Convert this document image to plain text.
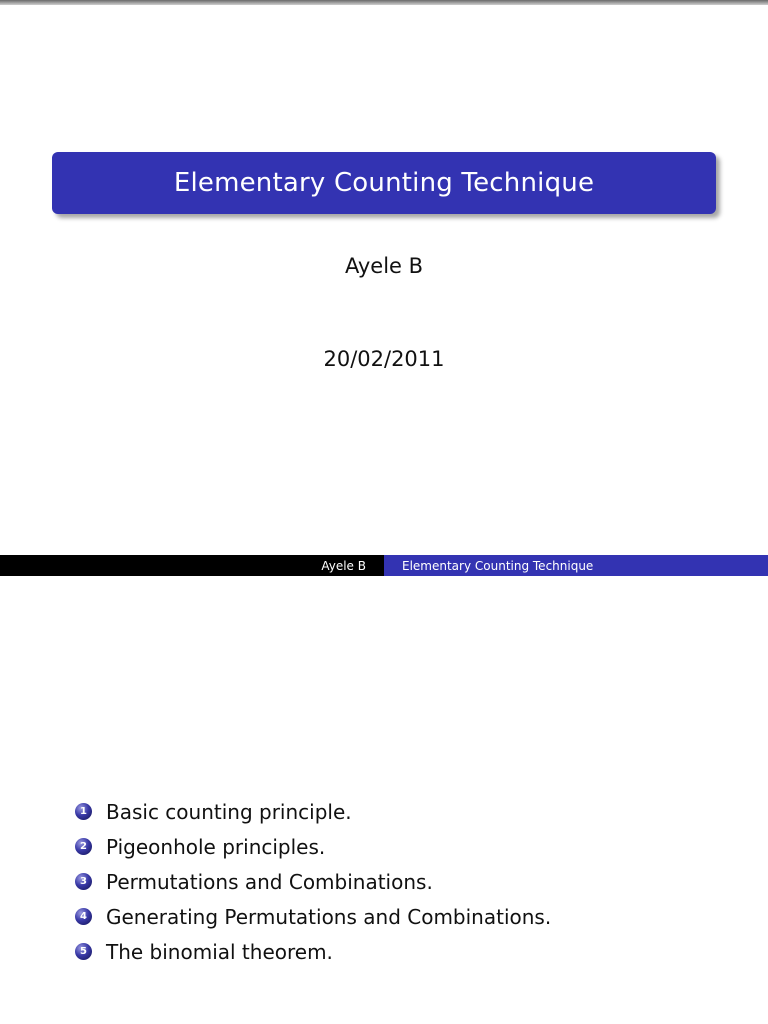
Elementary Counting Technique
Ayele B
20/02/2011
Ayele B	Elementary Counting Technique
1 Basic counting principle.
2 Pigeonhole principles.
3 Permutations and Combinations.
4 Generating Permutations and Combinations.
5 The binomial theorem.
